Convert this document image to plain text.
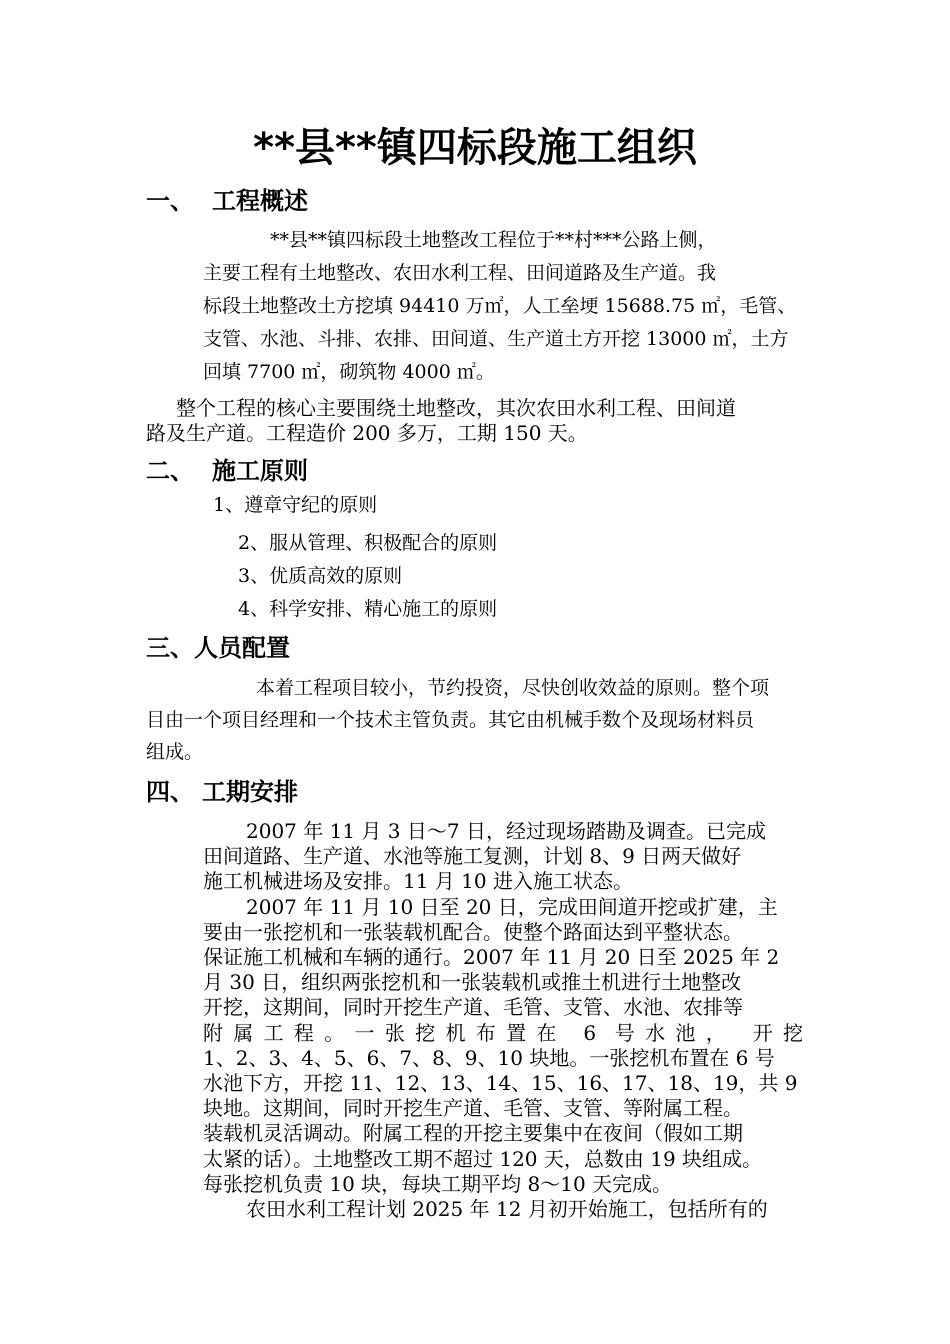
**县**镇四标段施工组织
一、 工程概述
**县**镇四标段土地整改工程位于**村***公路上侧，
主要工程有土地整改、农田水利工程、田间道路及生产道。我
标段土地整改土方挖填 94410 万㎡，人工垒埂 15688.75 ㎡，毛管、
支管、水池、斗排、农排、田间道、生产道土方开挖 13000 ㎡，土方
回填 7700 ㎡，砌筑物 4000 ㎡。
整个工程的核心主要围绕土地整改，其次农田水利工程、田间道
路及生产道。工程造价 200 多万，工期 150 天。
二、 施工原则
1、遵章守纪的原则
2、服从管理、积极配合的原则
3、优质高效的原则
4、科学安排、精心施工的原则
三、人员配置
本着工程项目较小，节约投资，尽快创收效益的原则。整个项
目由一个项目经理和一个技术主管负责。其它由机械手数个及现场材料员
组成。
四、 工期安排
2007 年 11 月 3 日～7 日，经过现场踏勘及调查。已完成
田间道路、生产道、水池等施工复测，计划 8、9 日两天做好
施工机械进场及安排。11 月 10 进入施工状态。
2007 年 11 月 10 日至 20 日，完成田间道开挖或扩建，主
要由一张挖机和一张装载机配合。使整个路面达到平整状态。
保证施工机械和车辆的通行。2007 年 11 月 20 日至 2025 年 2
月 30 日，组织两张挖机和一张装载机或推土机进行土地整改
开挖，这期间，同时开挖生产道、毛管、支管、水池、农排等
附属工程。一张挖机布置在 6 号水池， 开挖
1、2、3、4、5、6、7、8、9、10 块地。一张挖机布置在 6 号
水池下方，开挖 11、12、13、14、15、16、17、18、19，共 9
块地。这期间，同时开挖生产道、毛管、支管、等附属工程。
装载机灵活调动。附属工程的开挖主要集中在夜间（假如工期
太紧的话）。土地整改工期不超过 120 天，总数由 19 块组成。
每张挖机负责 10 块，每块工期平均 8～10 天完成。
农田水利工程计划 2025 年 12 月初开始施工，包括所有的
